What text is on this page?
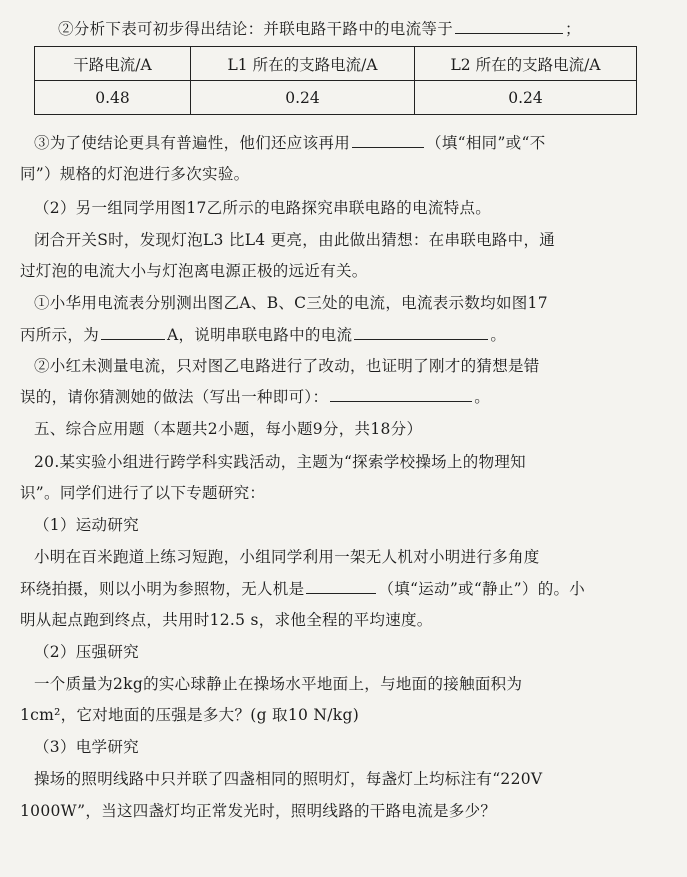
②分析下表可初步得出结论：并联电路干路中的电流等于	；
干路电流/A	L1 所在的支路电流/A	L2 所在的支路电流/A
0.48	0.24	0.24
③为了使结论更具有普遍性，他们还应该再用	（填“相同”或“不
同”）规格的灯泡进行多次实验。
（2）另一组同学用图17乙所示的电路探究串联电路的电流特点。
闭合开关S时，发现灯泡L3 比L4 更亮，由此做出猜想：在串联电路中，通
过灯泡的电流大小与灯泡离电源正极的远近有关。
①小华用电流表分别测出图乙A、B、C三处的电流，电流表示数均如图17
丙所示，为	A，说明串联电路中的电流	。
②小红未测量电流，只对图乙电路进行了改动，也证明了刚才的猜想是错
误的，请你猜测她的做法（写出一种即可）：	。
五、综合应用题（本题共2小题，每小题9分，共18分）
20.某实验小组进行跨学科实践活动，主题为“探索学校操场上的物理知
识”。同学们进行了以下专题研究：
（1）运动研究
小明在百米跑道上练习短跑，小组同学利用一架无人机对小明进行多角度
环绕拍摄，则以小明为参照物，无人机是	（填“运动”或“静止”）的。小
明从起点跑到终点，共用时12.5 s，求他全程的平均速度。
（2）压强研究
一个质量为2kg的实心球静止在操场水平地面上，与地面的接触面积为
1cm²，它对地面的压强是多大？(g 取10 N/kg)
（3）电学研究
操场的照明线路中只并联了四盏相同的照明灯，每盏灯上均标注有“220V
1000W”，当这四盏灯均正常发光时，照明线路的干路电流是多少？
